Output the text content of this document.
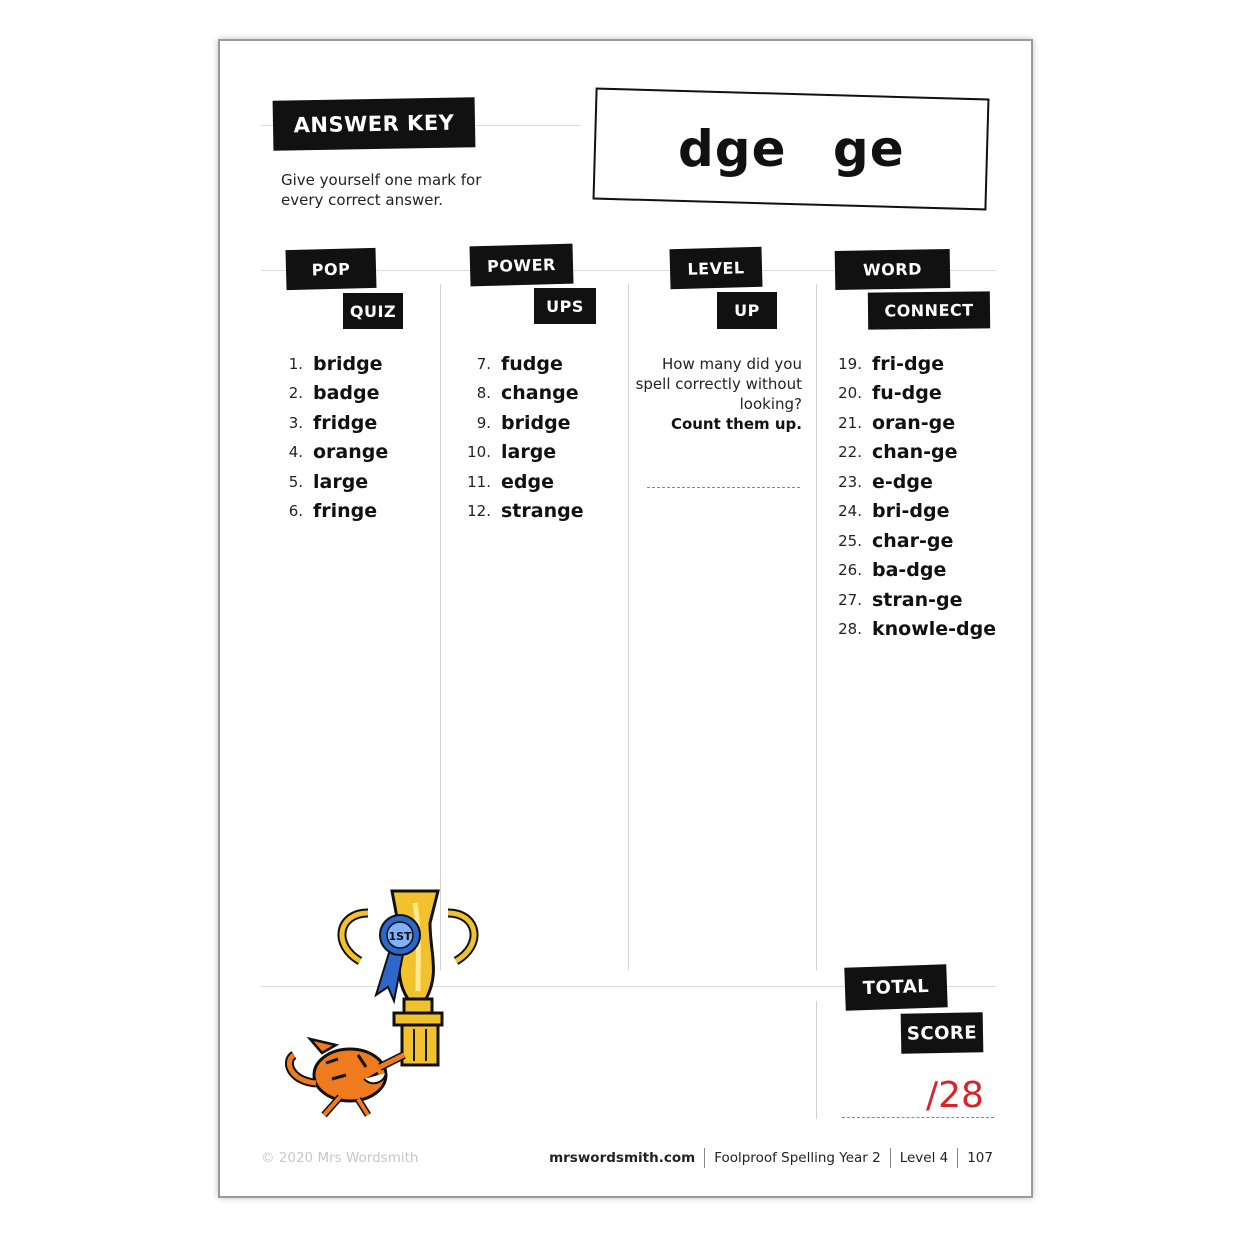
ANSWER KEY
Give yourself one mark for every correct answer.
dge ge
POP
QUIZ
POWER
UPS
LEVEL
UP
WORD
CONNECT
1. bridge
2. badge
3. fridge
4. orange
5. large
6. fringe
7. fudge
8. change
9. bridge
10. large
11. edge
12. strange
How many did you spell correctly without looking?
Count them up.
19. fri-dge
20. fu-dge
21. oran-ge
22. chan-ge
23. e-dge
24. bri-dge
25. char-ge
26. ba-dge
27. stran-ge
28. knowle-dge
1ST
TOTAL
SCORE
/28
© 2020 Mrs Wordsmith	mrswordsmith.com Foolproof Spelling Year 2 Level 4 107
